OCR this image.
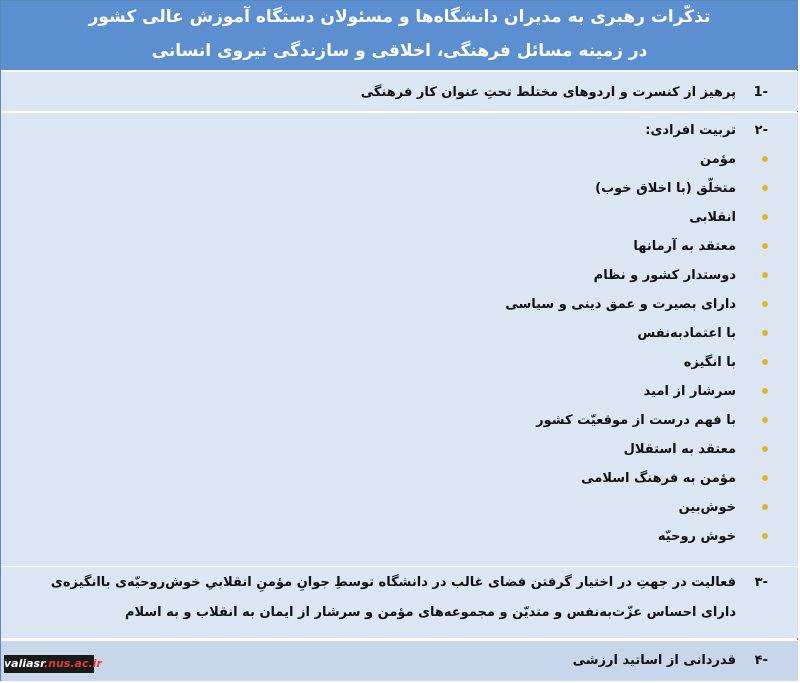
تذکّرات رهبری به مدیران دانشگاه‌ها و مسئولان دستگاه آموزش عالی کشور
در زمینه مسائل فرهنگی، اخلاقی و سازندگی نیروی انسانی
-1
پرهیز از کنسرت و اردوهای مختلط تحتِ عنوان کار فرهنگی
-۲
تربیت افرادی:
مؤمن
متخلّق (با اخلاق خوب)
انقلابی
معتقد به آرمانها
دوستدار کشور و نظام
دارای بصیرت و عمق دینی و سیاسی
با اعتمادبه‌نفس
با انگیزه
سرشار از امید
با فهم درست از موقعیّت کشور
معتقد به استقلال
مؤمن به فرهنگ اسلامی
خوش‌بین
خوش روحیّه
-۳
فعالیت در جهتِ در اختیار گرفتن فضای غالب در دانشگاه توسطِ جوانِ مؤمنِ انقلابیِ خوش‌روحیّه‌ی باانگیزه‌ی
دارای احساس عزّت‌به‌نفس و متدیّن و مجموعه‌های مؤمن و سرشار از ایمان به انقلاب و به اسلام
-۴
قدردانی از اساتید ارزشی
valiasr.nus.ac.ir
